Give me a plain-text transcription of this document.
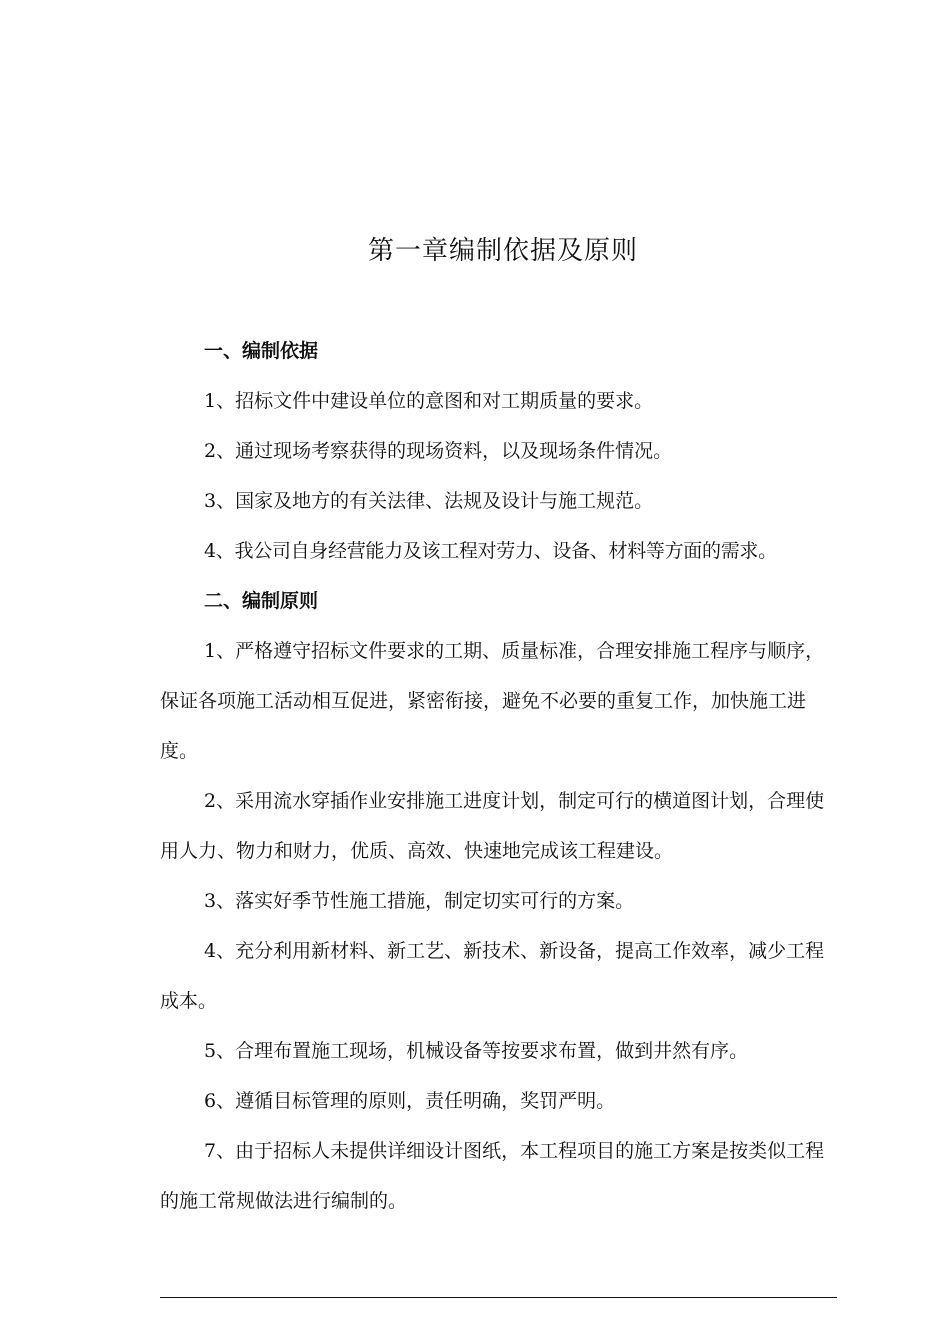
第一章编制依据及原则
一、编制依据

1、招标文件中建设单位的意图和对工期质量的要求。

2、通过现场考察获得的现场资料，以及现场条件情况。

3、国家及地方的有关法律、法规及设计与施工规范。

4、我公司自身经营能力及该工程对劳力、设备、材料等方面的需求。

二、编制原则

1、严格遵守招标文件要求的工期、质量标准，合理安排施工程序与顺序，保证各项施工活动相互促进，紧密衔接，避免不必要的重复工作，加快施工进度。

2、采用流水穿插作业安排施工进度计划，制定可行的横道图计划，合理使用人力、物力和财力，优质、高效、快速地完成该工程建设。

3、落实好季节性施工措施，制定切实可行的方案。

4、充分利用新材料、新工艺、新技术、新设备，提高工作效率，减少工程成本。

5、合理布置施工现场，机械设备等按要求布置，做到井然有序。

6、遵循目标管理的原则，责任明确，奖罚严明。

7、由于招标人未提供详细设计图纸，本工程项目的施工方案是按类似工程的施工常规做法进行编制的。
